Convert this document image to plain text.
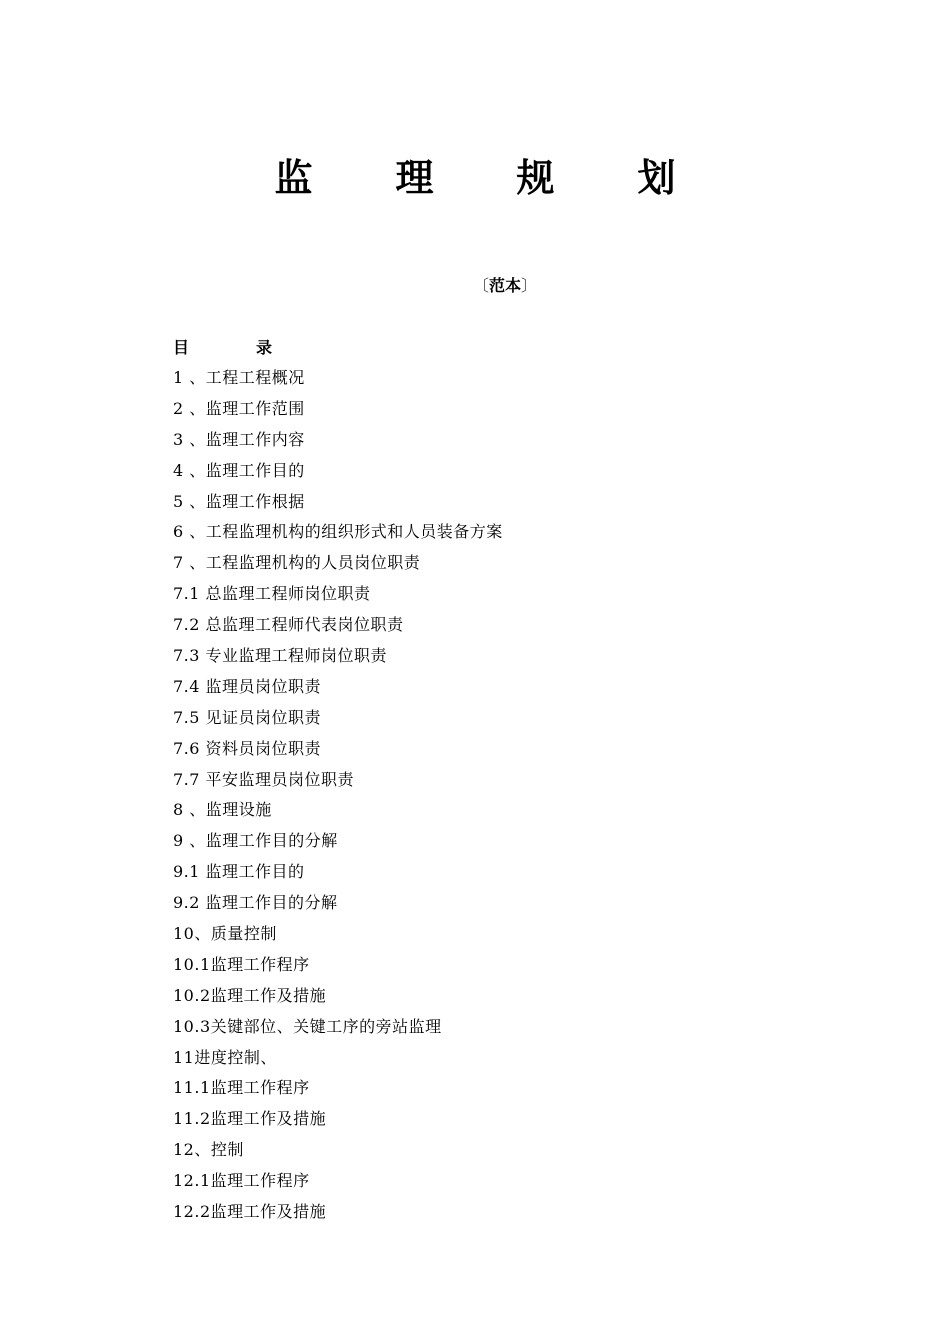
监 理 规 划
〔范本〕
目	录
1 、工程工程概况
2 、监理工作范围
3 、监理工作内容
4 、监理工作目的
5 、监理工作根据
6 、工程监理机构的组织形式和人员装备方案
7 、工程监理机构的人员岗位职责
7.1 总监理工程师岗位职责
7.2 总监理工程师代表岗位职责
7.3 专业监理工程师岗位职责
7.4 监理员岗位职责
7.5 见证员岗位职责
7.6 资料员岗位职责
7.7 平安监理员岗位职责
8 、监理设施
9 、监理工作目的分解
9.1 监理工作目的
9.2 监理工作目的分解
10、质量控制
10.1监理工作程序
10.2监理工作及措施
10.3关键部位、关键工序的旁站监理
11进度控制、
11.1监理工作程序
11.2监理工作及措施
12、控制
12.1监理工作程序
12.2监理工作及措施
